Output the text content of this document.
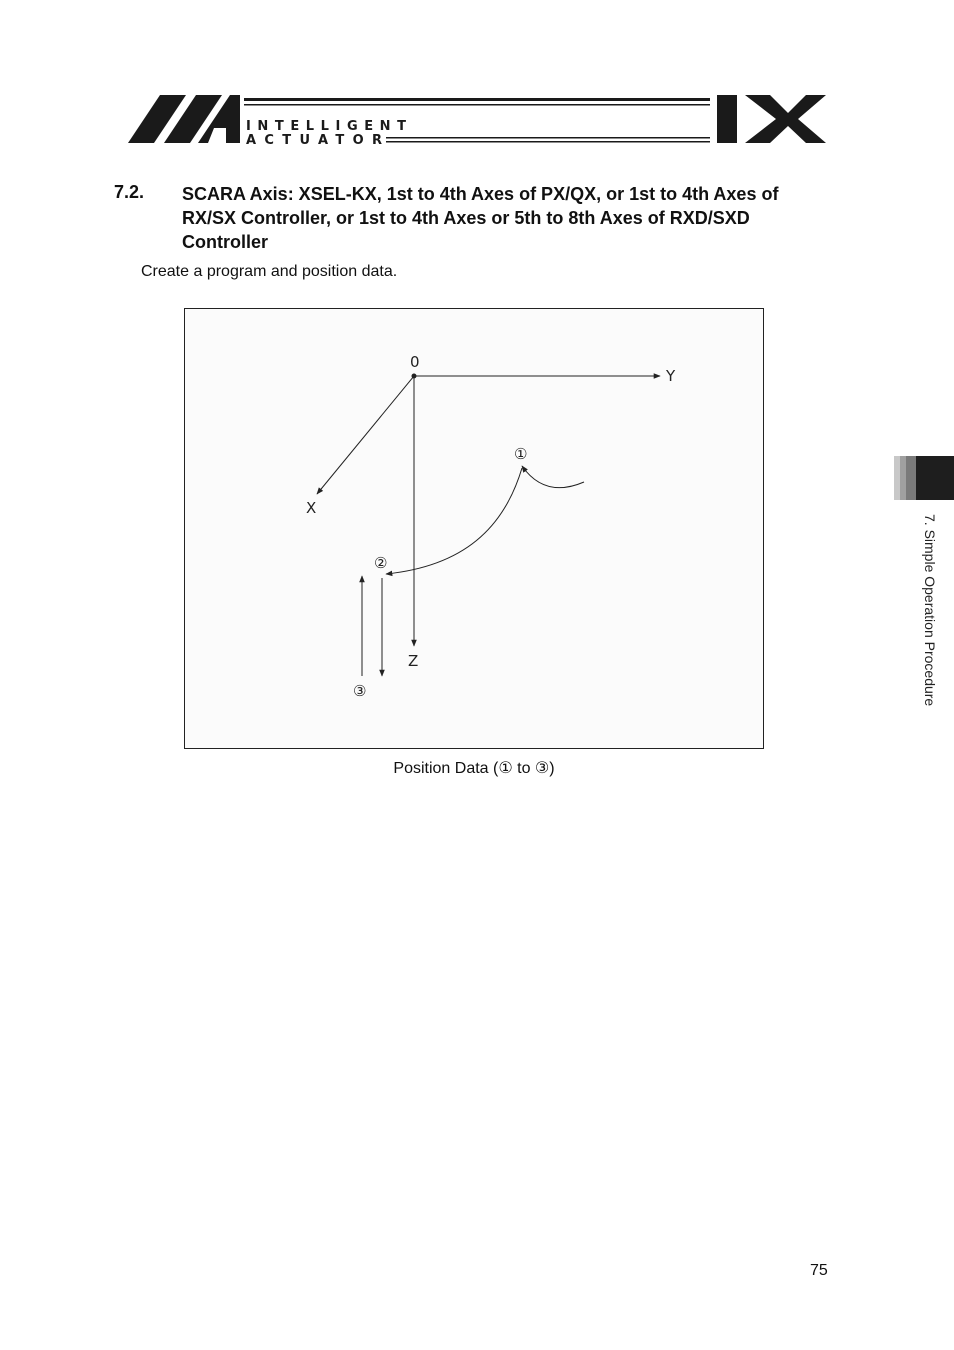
INTELLIGENT
ACTUATOR
7.2. SCARA Axis: XSEL-KX, 1st to 4th Axes of PX/QX, or 1st to 4th Axes of RX/SX Controller, or 1st to 4th Axes or 5th to 8th Axes of RXD/SXD Controller
Create a program and position data.
0
Y
X
Z
①
②
③
Position Data (① to ③)
7. Simple Operation Procedure
75
